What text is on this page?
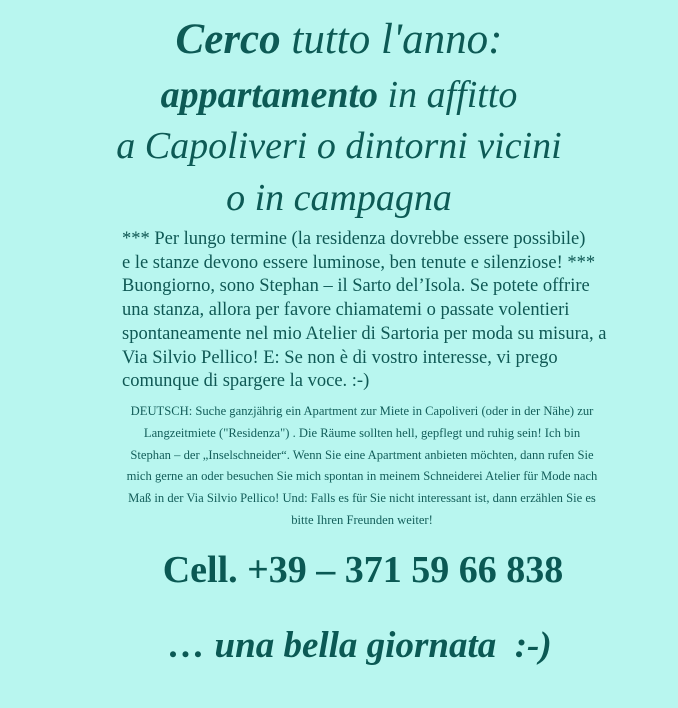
Cerco tutto l'anno:
appartamento in affitto
a Capoliveri o dintorni vicini
o in campagna
*** Per lungo termine (la residenza dovrebbe essere possibile)
e le stanze devono essere luminose, ben tenute e silenziose! ***
Buongiorno, sono Stephan – il Sarto del’Isola. Se potete offrire
una stanza, allora per favore chiamatemi o passate volentieri
spontaneamente nel mio Atelier di Sartoria per moda su misura, a
Via Silvio Pellico! E: Se non è di vostro interesse, vi prego
comunque di spargere la voce. :-)
DEUTSCH: Suche ganzjährig ein Apartment zur Miete in Capoliveri (oder in der Nähe) zur
Langzeitmiete ("Residenza") . Die Räume sollten hell, gepflegt und ruhig sein! Ich bin
Stephan – der „Inselschneider“. Wenn Sie eine Apartment anbieten möchten, dann rufen Sie
mich gerne an oder besuchen Sie mich spontan in meinem Schneiderei Atelier für Mode nach
Maß in der Via Silvio Pellico! Und: Falls es für Sie nicht interessant ist, dann erzählen Sie es
bitte Ihren Freunden weiter!
Cell. +39 – 371 59 66 838
… una bella giornata  :-)
